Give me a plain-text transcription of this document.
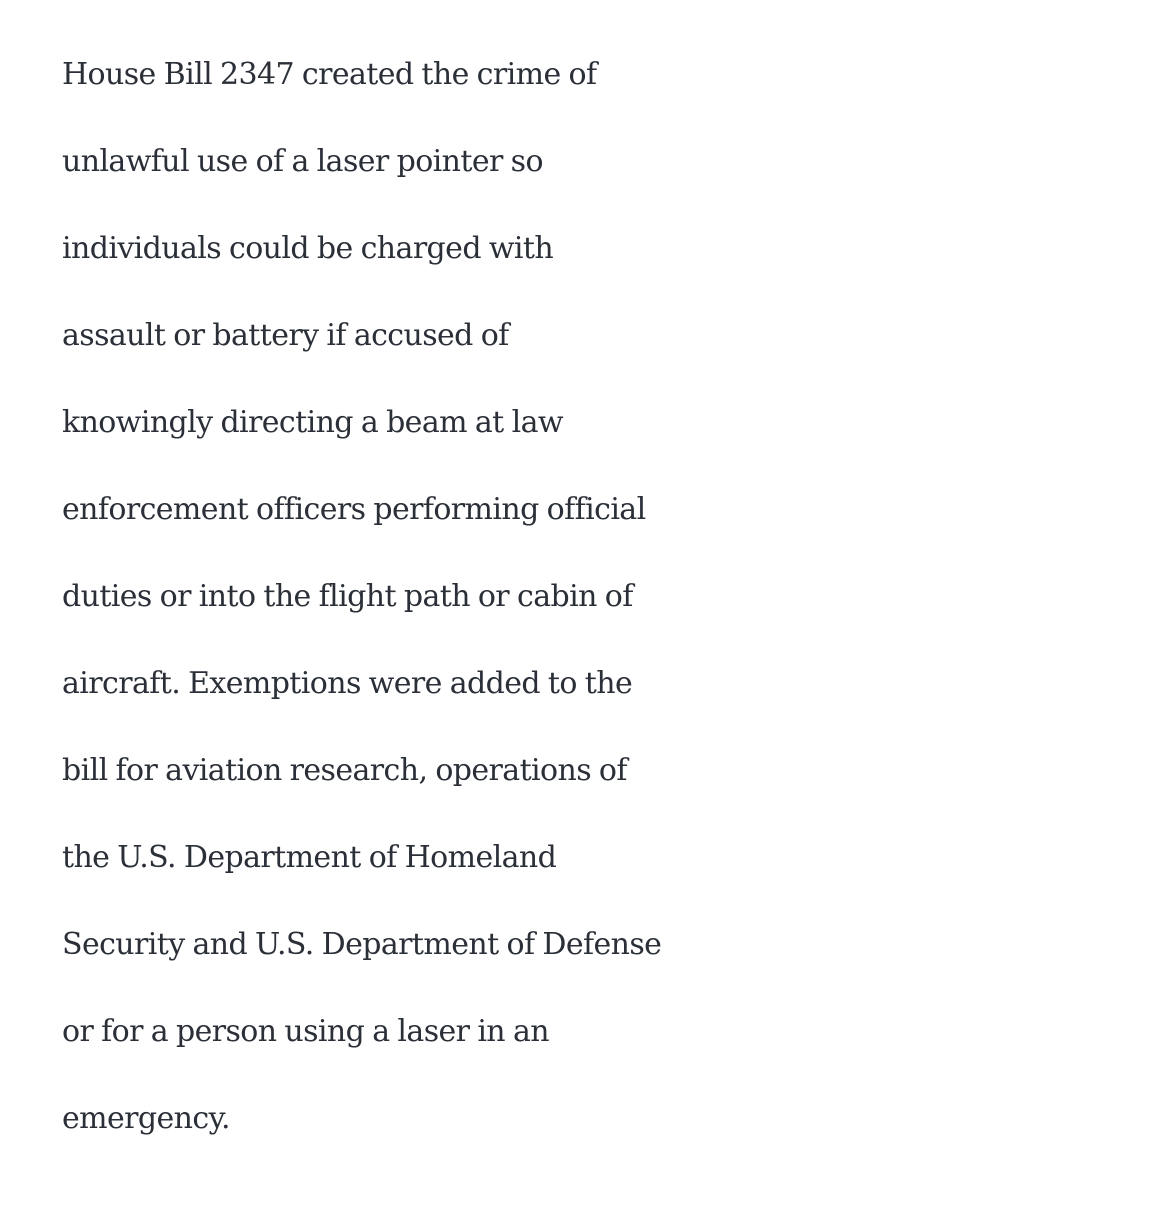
House Bill 2347 created the crime of
unlawful use of a laser pointer so
individuals could be charged with
assault or battery if accused of
knowingly directing a beam at law
enforcement officers performing official
duties or into the flight path or cabin of
aircraft. Exemptions were added to the
bill for aviation research, operations of
the U.S. Department of Homeland
Security and U.S. Department of Defense
or for a person using a laser in an
emergency.
